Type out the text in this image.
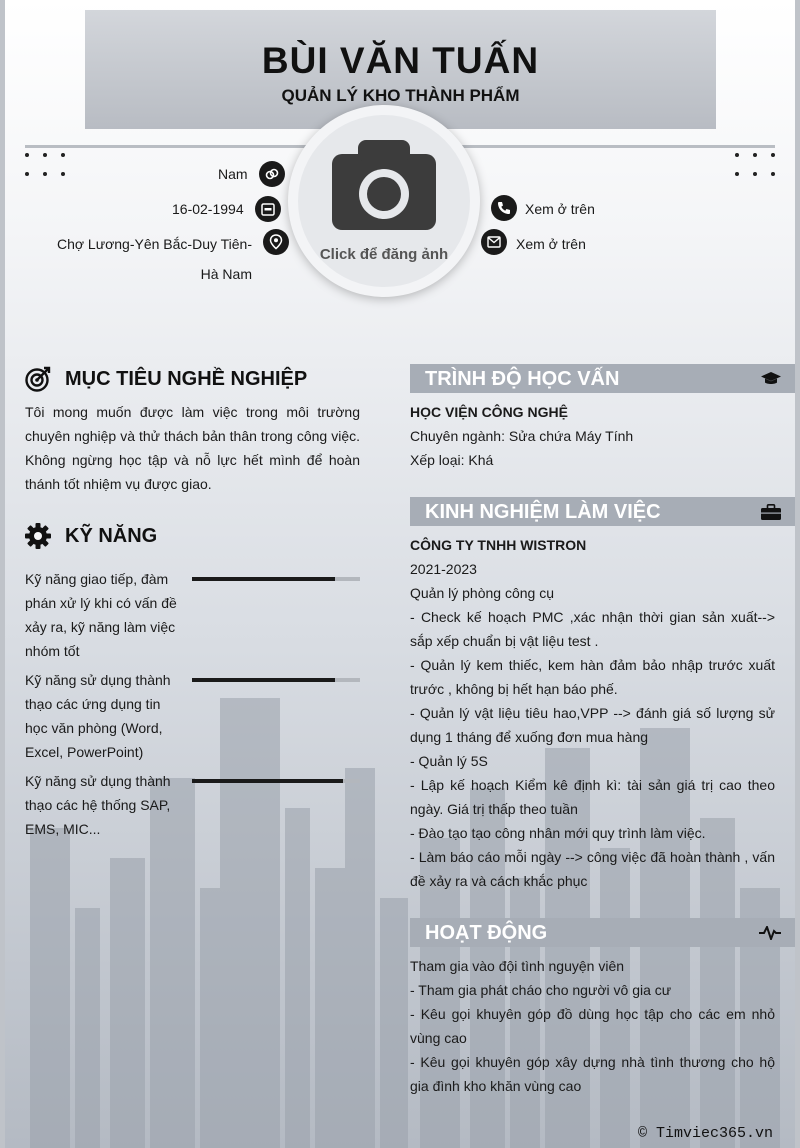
BÙI VĂN TUẤN
QUẢN LÝ KHO THÀNH PHẨM
Click để đăng ảnh
Nam
16-02-1994
Chợ Lương-Yên Bắc-Duy Tiên-
Hà Nam
Xem ở trên
Xem ở trên
MỤC TIÊU NGHỀ NGHIỆP
Tôi mong muốn được làm việc trong môi trường chuyên nghiệp và thử thách bản thân trong công việc. Không ngừng học tập và nỗ lực hết mình để hoàn thánh tốt nhiệm vụ được giao.
KỸ NĂNG
Kỹ năng giao tiếp, đàm phán xử lý khi có vấn đề xảy ra, kỹ năng làm việc nhóm tốt
Kỹ năng sử dụng thành thạo các ứng dụng tin học văn phòng (Word, Excel, PowerPoint)
Kỹ năng sử dụng thành thạo các hệ thống SAP, EMS, MIC...
TRÌNH ĐỘ HỌC VẤN
HỌC VIỆN CÔNG NGHỆ
Chuyên ngành: Sửa chứa Máy Tính
Xếp loại: Khá
KINH NGHIỆM LÀM VIỆC
CÔNG TY TNHH WISTRON
2021-2023
Quản lý phòng công cụ
- Check kế hoạch PMC ,xác nhận thời gian sản xuất--> sắp xếp chuẩn bị vật liệu test .
- Quản lý kem thiếc, kem hàn đảm bảo nhập trước xuất trước , không bị hết hạn báo phế.
- Quản lý vật liệu tiêu hao,VPP --> đánh giá số lượng sử dụng 1 tháng để xuống đơn mua hàng
- Quản lý 5S
- Lập kế hoạch Kiểm kê định kì: tài sản giá trị cao theo ngày. Giá trị thấp theo tuần
- Đào tạo tạo công nhân mới quy trình làm việc.
- Làm báo cáo mỗi ngày --> công việc đã hoàn thành , vấn đề xảy ra và cách khắc phục
HOẠT ĐỘNG
Tham gia vào đội tình nguyện viên
- Tham gia phát cháo cho người vô gia cư
- Kêu gọi khuyên góp đồ dùng học tập cho các em nhỏ vùng cao
- Kêu gọi khuyên góp xây dựng nhà tình thương cho hộ gia đình kho khăn vùng cao
© Timviec365.vn
